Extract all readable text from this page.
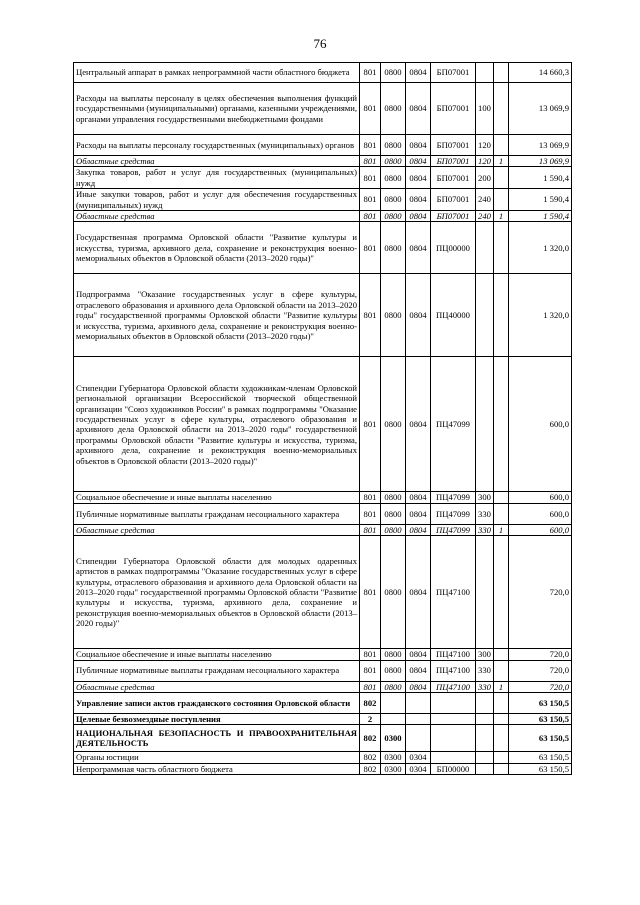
76
Центральный аппарат в рамках непрограммной части областного бюджета	801	0800	0804	БП07001			14 660,3
Расходы на выплаты персоналу в целях обеспечения выполнения функций государственными (муниципальными) органами, казенными учреждениями, органами управления государственными внебюджетными фондами	801	0800	0804	БП07001	100		13 069,9
Расходы на выплаты персоналу государственных (муниципальных) органов	801	0800	0804	БП07001	120		13 069,9
Областные средства	801	0800	0804	БП07001	120	1	13 069,9
Закупка товаров, работ и услуг для государственных (муниципальных) нужд	801	0800	0804	БП07001	200		1 590,4
Иные закупки товаров, работ и услуг для обеспечения государственных (муниципальных) нужд	801	0800	0804	БП07001	240		1 590,4
Областные средства	801	0800	0804	БП07001	240	1	1 590,4
Государственная программа Орловской области "Развитие культуры и искусства, туризма, архивного дела, сохранение и реконструкция военно-мемориальных объектов в Орловской области (2013–2020 годы)"	801	0800	0804	ПЦ00000			1 320,0
Подпрограмма "Оказание государственных услуг в сфере культуры, отраслевого образования и архивного дела Орловской области на 2013–2020 годы" государственной программы Орловской области "Развитие культуры и искусства, туризма, архивного дела, сохранение и реконструкция военно-мемориальных объектов в Орловской области (2013–2020 годы)"	801	0800	0804	ПЦ40000			1 320,0
Стипендии Губернатора Орловской области художникам-членам Орловской региональной организации Всероссийской творческой общественной организации "Союз художников России" в рамках подпрограммы "Оказание государственных услуг в сфере культуры, отраслевого образования и архивного дела Орловской области на 2013–2020 годы" государственной программы Орловской области "Развитие культуры и искусства, туризма, архивного дела, сохранение и реконструкция военно-мемориальных объектов в Орловской области (2013–2020 годы)"	801	0800	0804	ПЦ47099			600,0
Социальное обеспечение и иные выплаты населению	801	0800	0804	ПЦ47099	300		600,0
Публичные нормативные выплаты гражданам несоциального характера	801	0800	0804	ПЦ47099	330		600,0
Областные средства	801	0800	0804	ПЦ47099	330	1	600,0
Стипендии Губернатора Орловской области для молодых одаренных артистов в рамках подпрограммы "Оказание государственных услуг в сфере культуры, отраслевого образования и архивного дела Орловской области на 2013–2020 годы" государственной программы Орловской области "Развитие культуры и искусства, туризма, архивного дела, сохранение и реконструкция военно-мемориальных объектов в Орловской области (2013–2020 годы)"	801	0800	0804	ПЦ47100			720,0
Социальное обеспечение и иные выплаты населению	801	0800	0804	ПЦ47100	300		720,0
Публичные нормативные выплаты гражданам несоциального характера	801	0800	0804	ПЦ47100	330		720,0
Областные средства	801	0800	0804	ПЦ47100	330	1	720,0
Управление записи актов гражданского состояния Орловской области	802						63 150,5
Целевые безвозмездные поступления	2						63 150,5
НАЦИОНАЛЬНАЯ БЕЗОПАСНОСТЬ И ПРАВООХРАНИТЕЛЬНАЯ ДЕЯТЕЛЬНОСТЬ	802	0300					63 150,5
Органы юстиции	802	0300	0304				63 150,5
Непрограммная часть областного бюджета	802	0300	0304	БП00000			63 150,5
